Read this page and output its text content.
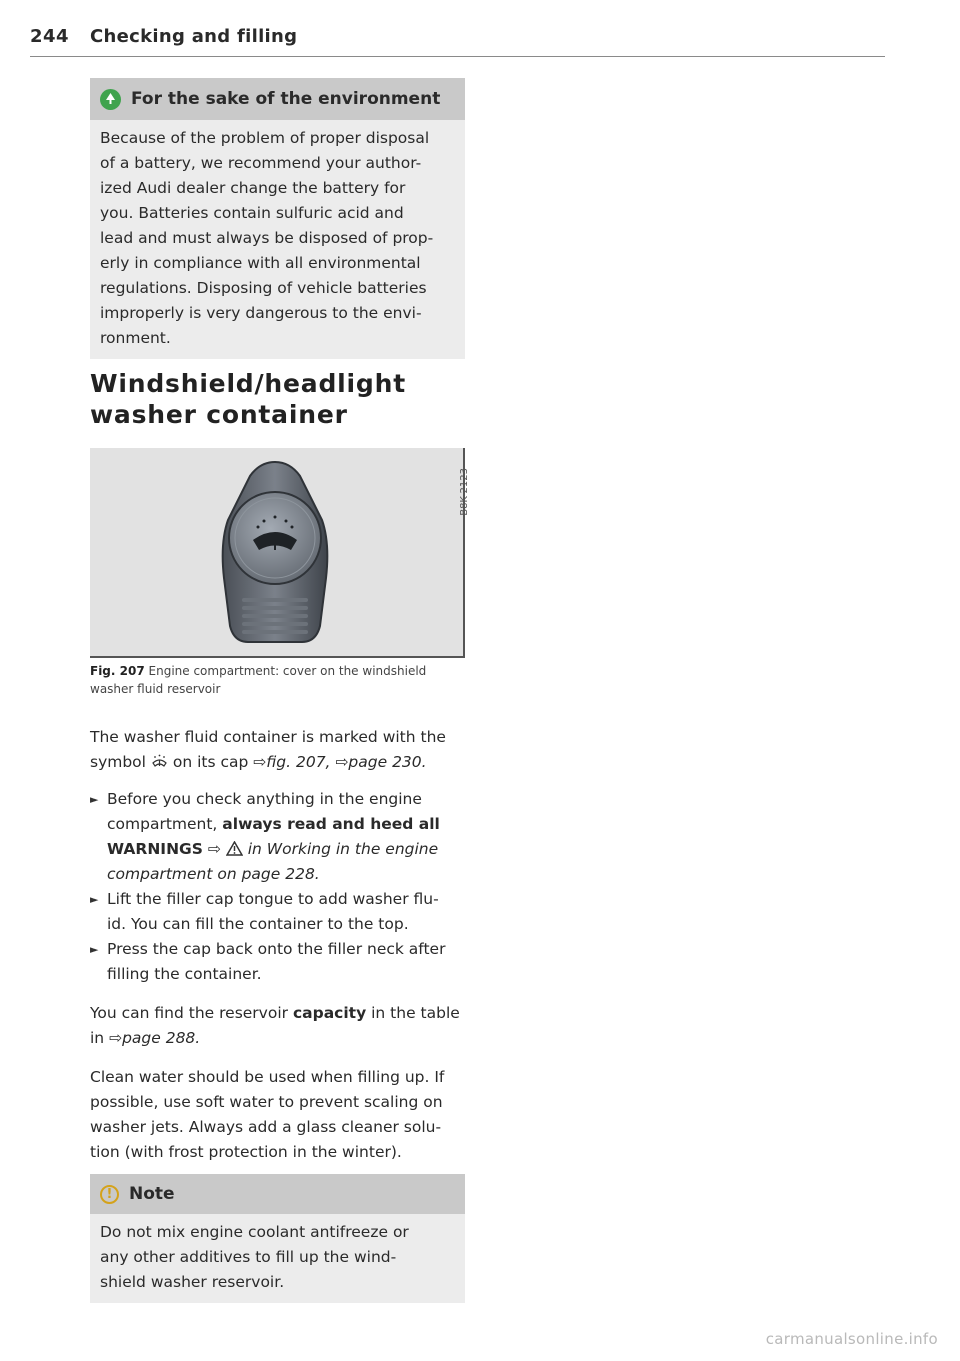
244 Checking and filling
For the sake of the environment
Because of the problem of proper disposal
of a battery, we recommend your author-
ized Audi dealer change the battery for
you. Batteries contain sulfuric acid and
lead and must always be disposed of prop-
erly in compliance with all environmental
regulations. Disposing of vehicle batteries
improperly is very dangerous to the envi-
ronment.
Windshield/headlight
washer container
B8K-2123
Fig. 207 Engine compartment: cover on the windshield
washer fluid reservoir
The washer fluid container is marked with the
symbol on its cap ⇨fig. 207, ⇨page 230.
► Before you check anything in the engine
compartment, always read and heed all
WARNINGS ⇨ in Working in the engine
compartment on page 228.
► Lift the filler cap tongue to add washer flu-
id. You can fill the container to the top.
► Press the cap back onto the filler neck after
filling the container.
You can find the reservoir capacity in the table
in ⇨page 288.
Clean water should be used when filling up. If
possible, use soft water to prevent scaling on
washer jets. Always add a glass cleaner solu-
tion (with frost protection in the winter).
! Note
Do not mix engine coolant antifreeze or
any other additives to fill up the wind-
shield washer reservoir.
carmanualsonline.info
